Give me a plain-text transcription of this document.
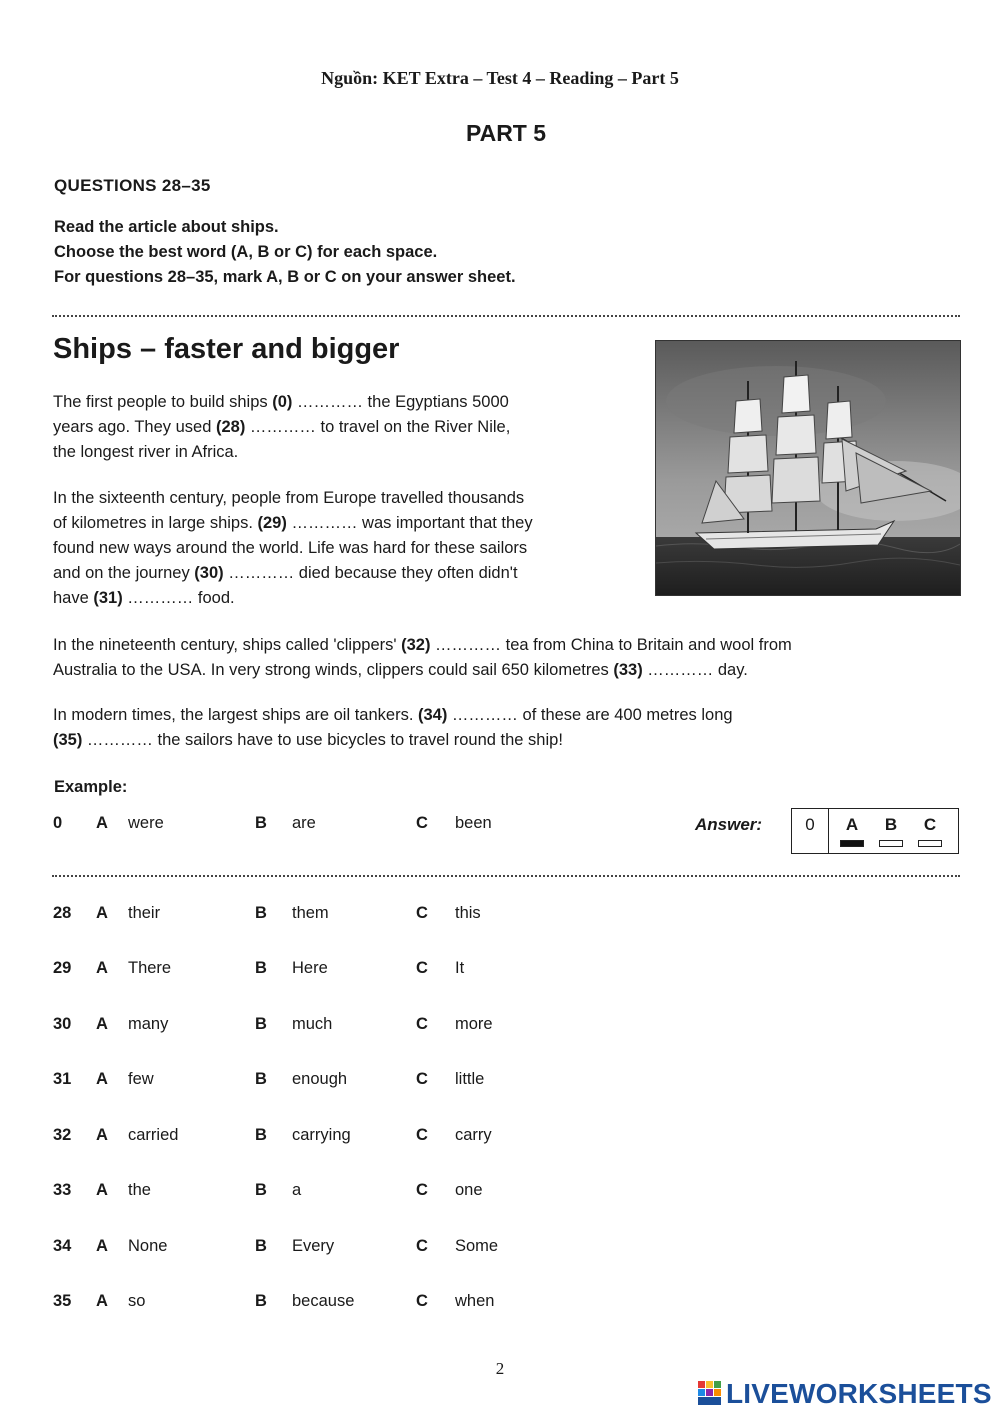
Nguồn: KET Extra – Test 4 – Reading – Part 5
PART 5
QUESTIONS 28–35
Read the article about ships.
Choose the best word (A, B or C) for each space.
For questions 28–35, mark A, B or C on your answer sheet.
Ships – faster and bigger
The first people to build ships (0) ………… the Egyptians 5000
years ago. They used (28) ………… to travel on the River Nile,
the longest river in Africa.
In the sixteenth century, people from Europe travelled thousands
of kilometres in large ships. (29) ………… was important that they
found new ways around the world. Life was hard for these sailors
and on the journey (30) ………… died because they often didn't
have (31) ………… food.
In the nineteenth century, ships called 'clippers' (32) ………… tea from China to Britain and wool from
Australia to the USA. In very strong winds, clippers could sail 650 kilometres (33) ………… day.
In modern times, the largest ships are oil tankers. (34) ………… of these are 400 metres long
(35) ………… the sailors have to use bicycles to travel round the ship!
Example:
0 A were	B are	C been	Answer:	0	A	B	C
28 A their	B them	C this
29 A There	B Here	C It
30 A many	B much	C more
31 A few	B enough	C little
32 A carried	B carrying	C carry
33 A the	B a	C one
34 A None	B Every	C Some
35 A so	B because	C when
2
LIVEWORKSHEETS
